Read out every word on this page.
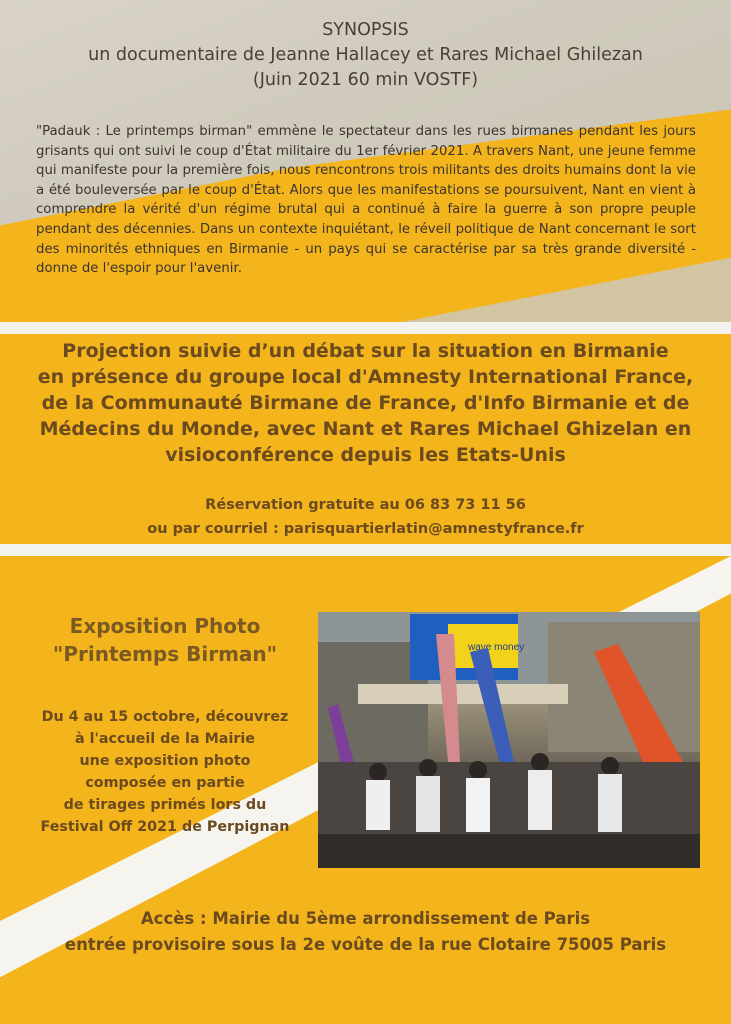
SYNOPSIS
un documentaire de Jeanne Hallacey et Rares Michael Ghilezan
(Juin 2021 60 min VOSTF)
"Padauk : Le printemps birman" emmène le spectateur dans les rues birmanes pendant les jours grisants qui ont suivi le coup d'État militaire du 1er février 2021. A travers Nant, une jeune femme qui manifeste pour la première fois, nous rencontrons trois militants des droits humains dont la vie a été bouleversée par le coup d'État. Alors que les manifestations se poursuivent, Nant en vient à comprendre la vérité d'un régime brutal qui a continué à faire la guerre à son propre peuple pendant des décennies. Dans un contexte inquiétant, le réveil politique de Nant concernant le sort des minorités ethniques en Birmanie - un pays qui se caractérise par sa très grande diversité - donne de l'espoir pour l'avenir.
Projection suivie d’un débat sur la situation en Birmanie
en présence du groupe local d'Amnesty International France,
de la Communauté Birmane de France, d'Info Birmanie et de
Médecins du Monde, avec Nant et Rares Michael Ghizelan en
visioconférence depuis les Etats-Unis
Réservation gratuite au 06 83 73 11 56
ou par courriel : parisquartierlatin@amnestyfrance.fr
Exposition Photo
"Printemps Birman"
Du 4 au 15 octobre, découvrez
à l'accueil de la Mairie
une exposition photo
composée en partie
de tirages primés lors du
Festival Off 2021 de Perpignan
wave money
Accès : Mairie du 5ème arrondissement de Paris
entrée provisoire sous la 2e voûte de la rue Clotaire 75005 Paris
